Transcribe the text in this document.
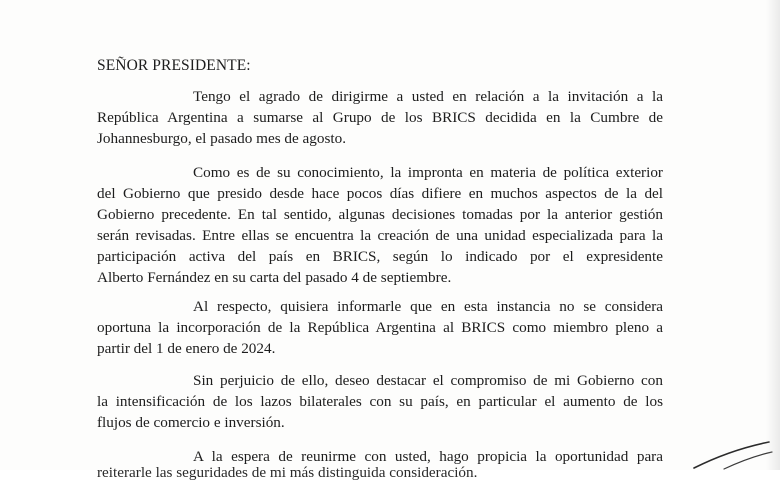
SEÑOR PRESIDENTE:
Tengo el agrado de dirigirme a usted en relación a la invitación a la
República Argentina a sumarse al Grupo de los BRICS decidida en la Cumbre de
Johannesburgo, el pasado mes de agosto.
Como es de su conocimiento, la impronta en materia de política exterior
del Gobierno que presido desde hace pocos días difiere en muchos aspectos de la del
Gobierno precedente. En tal sentido, algunas decisiones tomadas por la anterior gestión
serán revisadas. Entre ellas se encuentra la creación de una unidad especializada para la
participación activa del país en BRICS, según lo indicado por el expresidente
Alberto Fernández en su carta del pasado 4 de septiembre.
Al respecto, quisiera informarle que en esta instancia no se considera
oportuna la incorporación de la República Argentina al BRICS como miembro pleno a
partir del 1 de enero de 2024.
Sin perjuicio de ello, deseo destacar el compromiso de mi Gobierno con
la intensificación de los lazos bilaterales con su país, en particular el aumento de los
flujos de comercio e inversión.
A la espera de reunirme con usted, hago propicia la oportunidad para
reiterarle las seguridades de mi más distinguida consideración.
